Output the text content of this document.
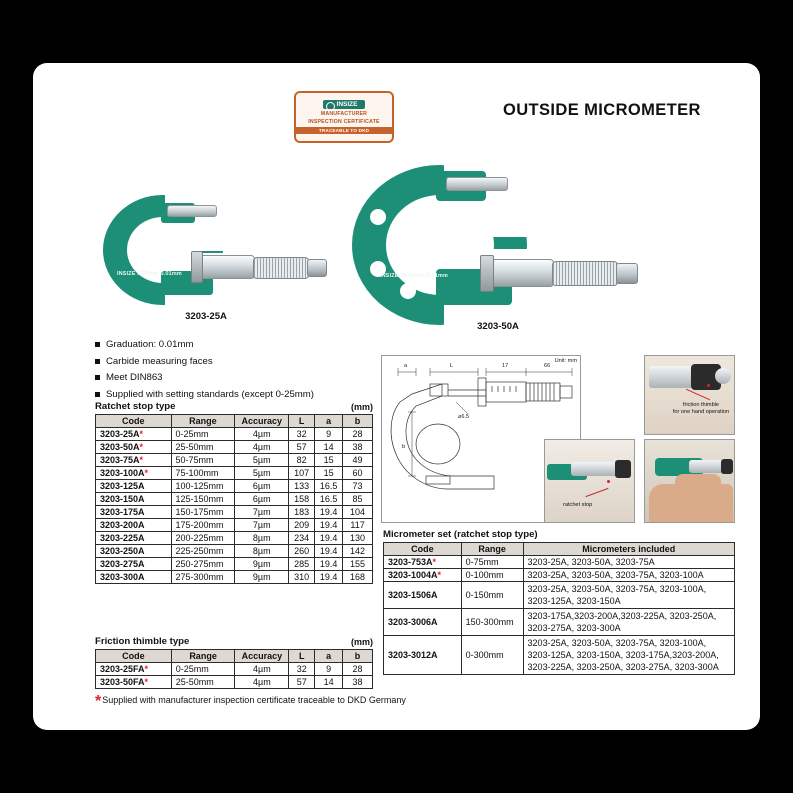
OUTSIDE MICROMETER
INSIZE
MANUFACTURER
INSPECTION CERTIFICATE
TRACEABLE TO DKD
INSIZE 0-25mm 0.01mm
3203-25A
INSIZE 25-50mm 0.01mm
3203-50A
Graduation: 0.01mm
Carbide measuring faces
Meet DIN863
Supplied with setting standards (except 0-25mm)
Ratchet stop type	(mm)
Code	Range	Accuracy	L	a	b
3203-25A*	0-25mm	4µm	32	9	28
3203-50A*	25-50mm	4µm	57	14	38
3203-75A*	50-75mm	5µm	82	15	49
3203-100A*	75-100mm	5µm	107	15	60
3203-125A	100-125mm	6µm	133	16.5	73
3203-150A	125-150mm	6µm	158	16.5	85
3203-175A	150-175mm	7µm	183	19.4	104
3203-200A	175-200mm	7µm	209	19.4	117
3203-225A	200-225mm	8µm	234	19.4	130
3203-250A	225-250mm	8µm	260	19.4	142
3203-275A	250-275mm	9µm	285	19.4	155
3203-300A	275-300mm	9µm	310	19.4	168
Friction thimble type	(mm)
Code	Range	Accuracy	L	a	b
3203-25FA*	0-25mm	4µm	32	9	28
3203-50FA*	25-50mm	4µm	57	14	38
Micrometer set (ratchet stop type)
Code	Range	Micrometers included
3203-753A*	0-75mm	3203-25A, 3203-50A, 3203-75A
3203-1004A*	0-100mm	3203-25A, 3203-50A, 3203-75A, 3203-100A
3203-1506A	0-150mm	3203-25A, 3203-50A, 3203-75A, 3203-100A, 3203-125A, 3203-150A
3203-3006A	150-300mm	3203-175A,3203-200A,3203-225A, 3203-250A, 3203-275A, 3203-300A
3203-3012A	0-300mm	3203-25A, 3203-50A, 3203-75A, 3203-100A, 3203-125A, 3203-150A, 3203-175A,3203-200A, 3203-225A, 3203-250A, 3203-275A, 3203-300A
Unit: mm
a	L	17	66
b
⌀6.5
friction thimble
for one hand operation
ratchet stop
*Supplied with manufacturer inspection certificate traceable to DKD Germany
